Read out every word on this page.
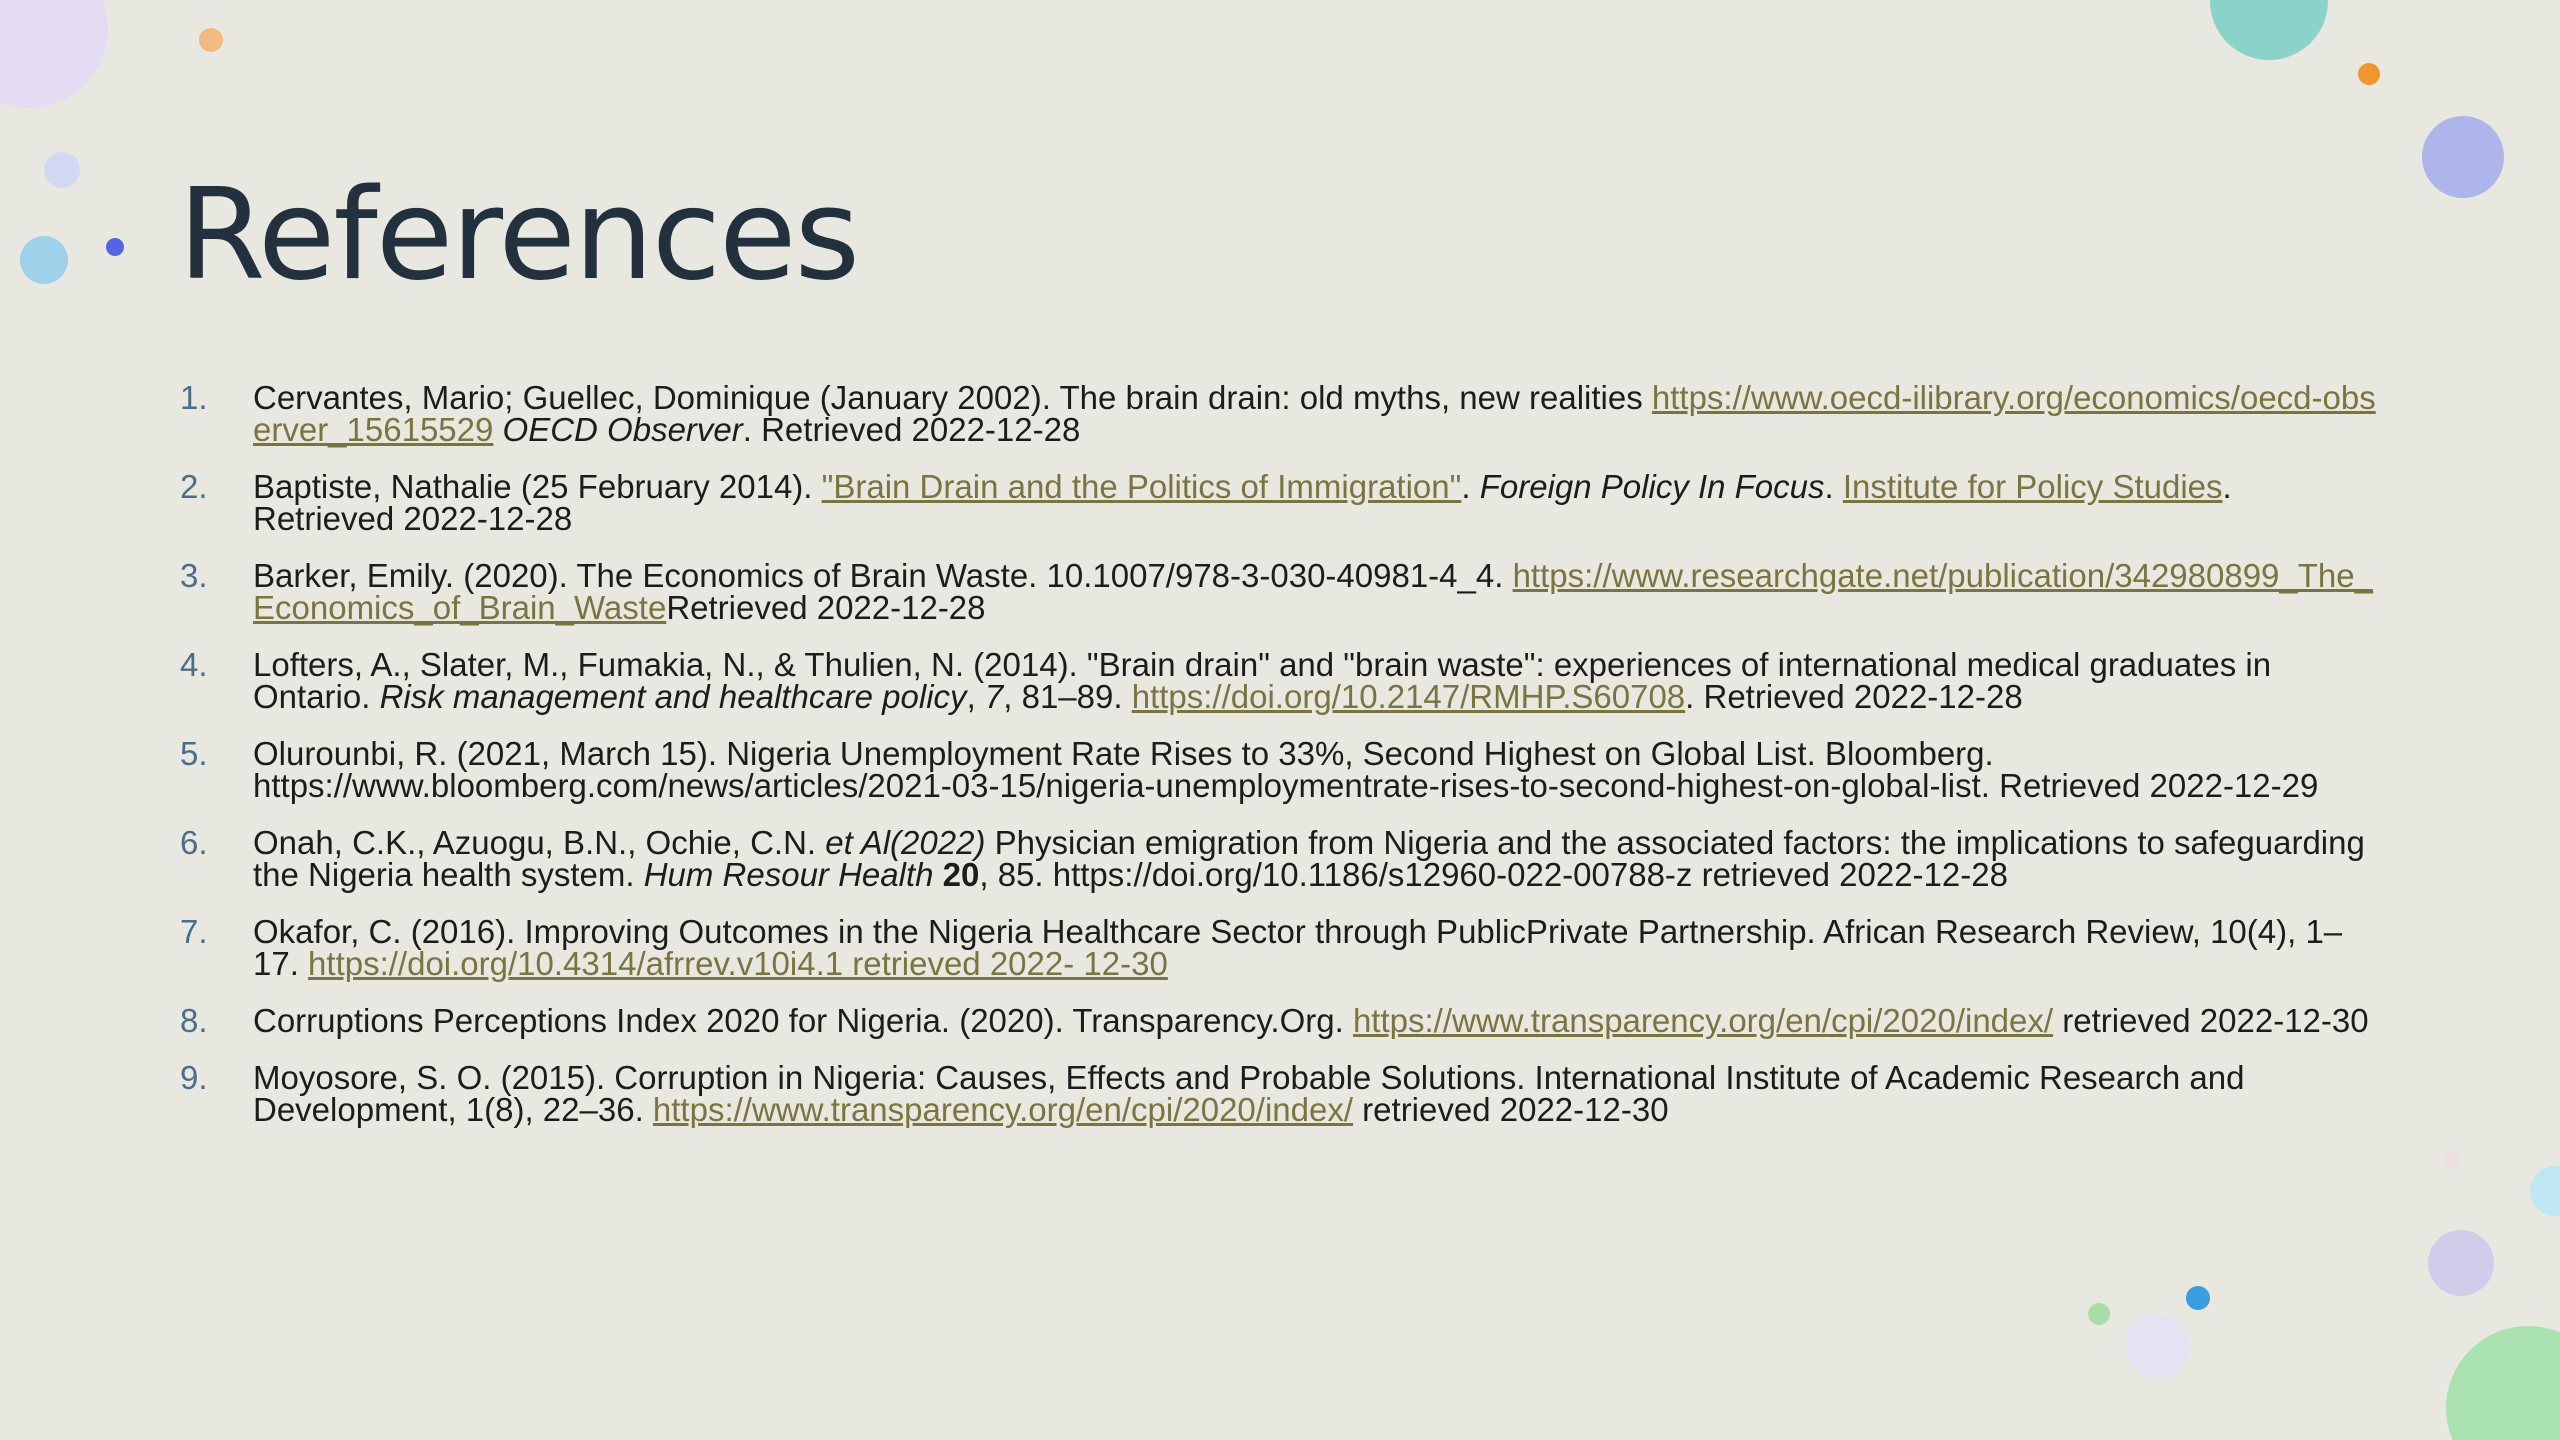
References
1.	Cervantes, Mario; Guellec, Dominique (January 2002). The brain drain: old myths, new realities https://www.oecd-ilibrary.org/economics/oecd-observer_15615529 OECD Observer. Retrieved 2022-12-28
2.	Baptiste, Nathalie (25 February 2014). "Brain Drain and the Politics of Immigration". Foreign Policy In Focus. Institute for Policy Studies. Retrieved 2022-12-28
3.	Barker, Emily. (2020). The Economics of Brain Waste. 10.1007/978-3-030-40981-4_4. https://www.researchgate.net/publication/342980899_The_Economics_of_Brain_WasteRetrieved 2022-12-28
4.	Lofters, A., Slater, M., Fumakia, N., & Thulien, N. (2014). "Brain drain" and "brain waste": experiences of international medical graduates in Ontario. Risk management and healthcare policy, 7, 81–89. https://doi.org/10.2147/RMHP.S60708. Retrieved 2022-12-28
5.	Olurounbi, R. (2021, March 15). Nigeria Unemployment Rate Rises to 33%, Second Highest on Global List. Bloomberg. https://www.bloomberg.com/news/articles/2021-03-15/nigeria-unemploymentrate-rises-to-second-highest-on-global-list. Retrieved 2022-12-29
6.	Onah, C.K., Azuogu, B.N., Ochie, C.N. et Al(2022) Physician emigration from Nigeria and the associated factors: the implications to safeguarding the Nigeria health system. Hum Resour Health 20, 85. https://doi.org/10.1186/s12960-022-00788-z retrieved 2022-12-28
7.	Okafor, C. (2016). Improving Outcomes in the Nigeria Healthcare Sector through PublicPrivate Partnership. African Research Review, 10(4), 1–17. https://doi.org/10.4314/afrrev.v10i4.1 retrieved 2022- 12-30
8.	Corruptions Perceptions Index 2020 for Nigeria. (2020). Transparency.Org. https://www.transparency.org/en/cpi/2020/index/ retrieved 2022-12-30
9.	Moyosore, S. O. (2015). Corruption in Nigeria: Causes, Effects and Probable Solutions. International Institute of Academic Research and Development, 1(8), 22–36. https://www.transparency.org/en/cpi/2020/index/ retrieved 2022-12-30
